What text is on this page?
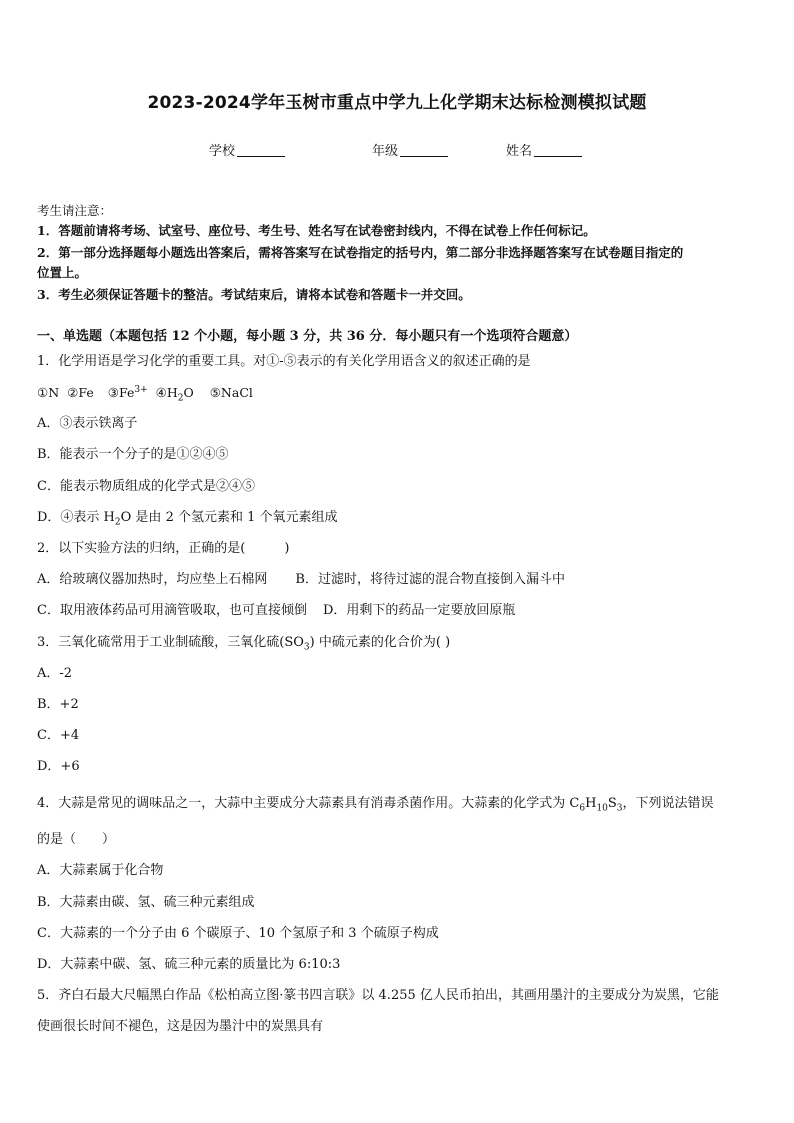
2023-2024学年玉树市重点中学九上化学期末达标检测模拟试题
学校	年级	姓名
考生请注意：
1．答题前请将考场、试室号、座位号、考生号、姓名写在试卷密封线内，不得在试卷上作任何标记。
2．第一部分选择题每小题选出答案后，需将答案写在试卷指定的括号内，第二部分非选择题答案写在试卷题目指定的
位置上。
3．考生必须保证答题卡的整洁。考试结束后，请将本试卷和答题卡一并交回。
一、单选题（本题包括 12 个小题，每小题 3 分，共 36 分．每小题只有一个选项符合题意）
1．化学用语是学习化学的重要工具。对①-⑤表示的有关化学用语含义的叙述正确的是
①N ②Fe $③Fe^{3+}$ $④H_2O$ ⑤NaCl
A．③表示铁离子
B．能表示一个分子的是①②④⑤
C．能表示物质组成的化学式是②④⑤
D．④表示 $H_2O$ 是由 2 个氢元素和 1 个氧元素组成
2．以下实验方法的归纳，正确的是(　　　)
A．给玻璃仪器加热时，均应垫上石棉网 B．过滤时，将待过滤的混合物直接倒入漏斗中
C．取用液体药品可用滴管吸取，也可直接倾倒 D．用剩下的药品一定要放回原瓶
3．三氧化硫常用于工业制硫酸，三氧化硫$(SO_3)$ 中硫元素的化合价为( )
A．-2
B．+2
C．+4
D．+6
4．大蒜是常见的调味品之一，大蒜中主要成分大蒜素具有消毒杀菌作用。大蒜素的化学式为 $C_6H_{10}S_3$，下列说法错误
的是（　　）
A．大蒜素属于化合物
B．大蒜素由碳、氢、硫三种元素组成
C．大蒜素的一个分子由 6 个碳原子、10 个氢原子和 3 个硫原子构成
D．大蒜素中碳、氢、硫三种元素的质量比为 6:10:3
5．齐白石最大尺幅黑白作品《松柏高立图·篆书四言联》以 4.255 亿人民币拍出，其画用墨汁的主要成分为炭黑，它能
使画很长时间不褪色，这是因为墨汁中的炭黑具有
